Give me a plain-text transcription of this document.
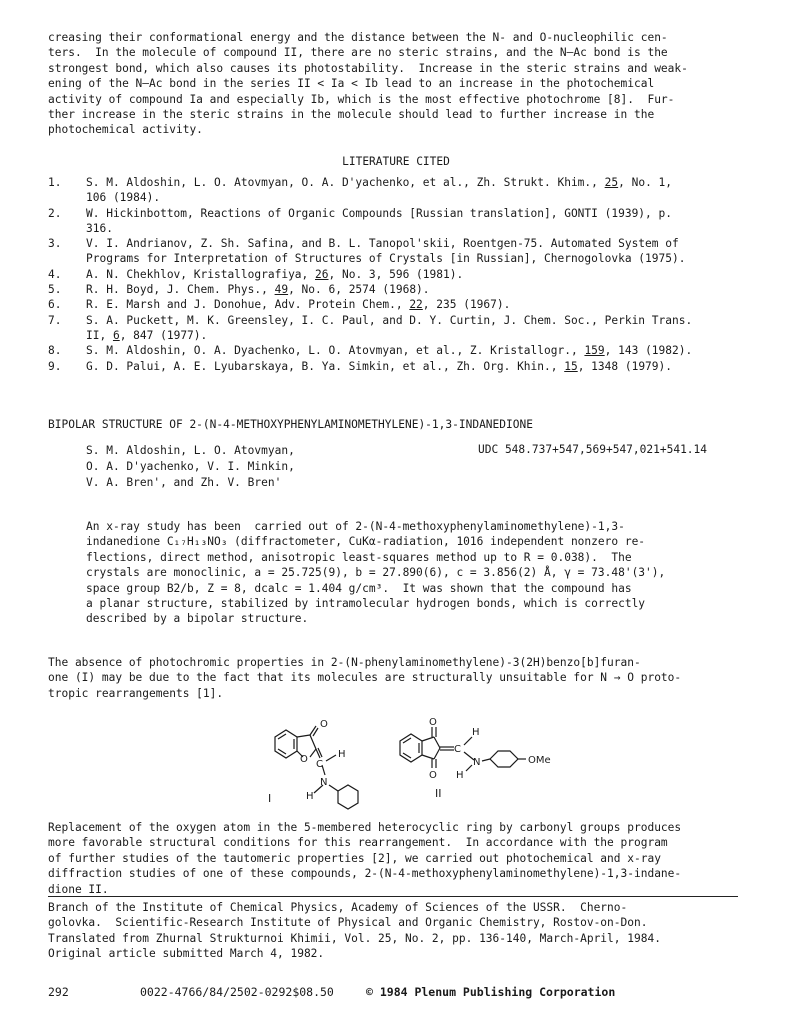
creasing their conformational energy and the distance between the N- and O-nucleophilic cen-
ters.  In the molecule of compound II, there are no steric strains, and the N—Ac bond is the
strongest bond, which also causes its photostability.  Increase in the steric strains and weak-
ening of the N—Ac bond in the series II < Ia < Ib lead to an increase in the photochemical
activity of compound Ia and especially Ib, which is the most effective photochrome [8].  Fur-
ther increase in the steric strains in the molecule should lead to further increase in the
photochemical activity.

LITERATURE CITED
1.	S. M. Aldoshin, L. O. Atovmyan, O. A. D'yachenko, et al., Zh. Strukt. Khim., 25, No. 1,
106 (1984).
2.	W. Hickinbottom, Reactions of Organic Compounds [Russian translation], GONTI (1939), p.
316.
3.	V. I. Andrianov, Z. Sh. Safina, and B. L. Tanopol'skii, Roentgen-75. Automated System of
Programs for Interpretation of Structures of Crystals [in Russian], Chernogolovka (1975).
4.	A. N. Chekhlov, Kristallografiya, 26, No. 3, 596 (1981).
5.	R. H. Boyd, J. Chem. Phys., 49, No. 6, 2574 (1968).
6.	R. E. Marsh and J. Donohue, Adv. Protein Chem., 22, 235 (1967).
7.	S. A. Puckett, M. K. Greensley, I. C. Paul, and D. Y. Curtin, J. Chem. Soc., Perkin Trans.
II, 6, 847 (1977).
8.	S. M. Aldoshin, O. A. Dyachenko, L. O. Atovmyan, et al., Z. Kristallogr., 159, 143 (1982).
9.	G. D. Palui, A. E. Lyubarskaya, B. Ya. Simkin, et al., Zh. Org. Khin., 15, 1348 (1979).
BIPOLAR STRUCTURE OF 2-(N-4-METHOXYPHENYLAMINOMETHYLENE)-1,3-INDANEDIONE
S. M. Aldoshin, L. O. Atovmyan,
O. A. D'yachenko, V. I. Minkin,
V. A. Bren', and Zh. V. Bren'
UDC 548.737+547,569+547,021+541.14

An x-ray study has been  carried out of 2-(N-4-methoxyphenylaminomethylene)-1,3-
indanedione C₁₇H₁₃NO₃ (diffractometer, CuKα-radiation, 1016 independent nonzero re-
flections, direct method, anisotropic least-squares method up to R = 0.038).  The
crystals are monoclinic, a = 25.725(9), b = 27.890(6), c = 3.856(2) Å, γ = 73.48'(3'),
space group B2/b, Z = 8, d⁣calc = 1.404 g/cm³.  It was shown that the compound has
a planar structure, stabilized by intramolecular hydrogen bonds, which is correctly
described by a bipolar structure.

The absence of photochromic properties in 2-(N-phenylaminomethylene)-3(2H)benzo[b]furan-
one (I) may be due to the fact that its molecules are structurally unsuitable for N → O proto-
tropic rearrangements [1].

O
O C
H
N
H
I
O
O
C
H
N
H
OMe
II

Replacement of the oxygen atom in the 5-membered heterocyclic ring by carbonyl groups produces
more favorable structural conditions for this rearrangement.  In accordance with the program
of further studies of the tautomeric properties [2], we carried out photochemical and x-ray
diffraction studies of one of these compounds, 2-(N-4-methoxyphenylaminomethylene)-1,3-indane-
dione II.

Branch of the Institute of Chemical Physics, Academy of Sciences of the USSR.  Cherno-
golovka.  Scientific-Research Institute of Physical and Organic Chemistry, Rostov-on-Don.
Translated from Zhurnal Strukturnoi Khimii, Vol. 25, No. 2, pp. 136-140, March-April, 1984.
Original article submitted March 4, 1982.

292	0022-4766/84/2502-0292$08.50	© 1984 Plenum Publishing Corporation
